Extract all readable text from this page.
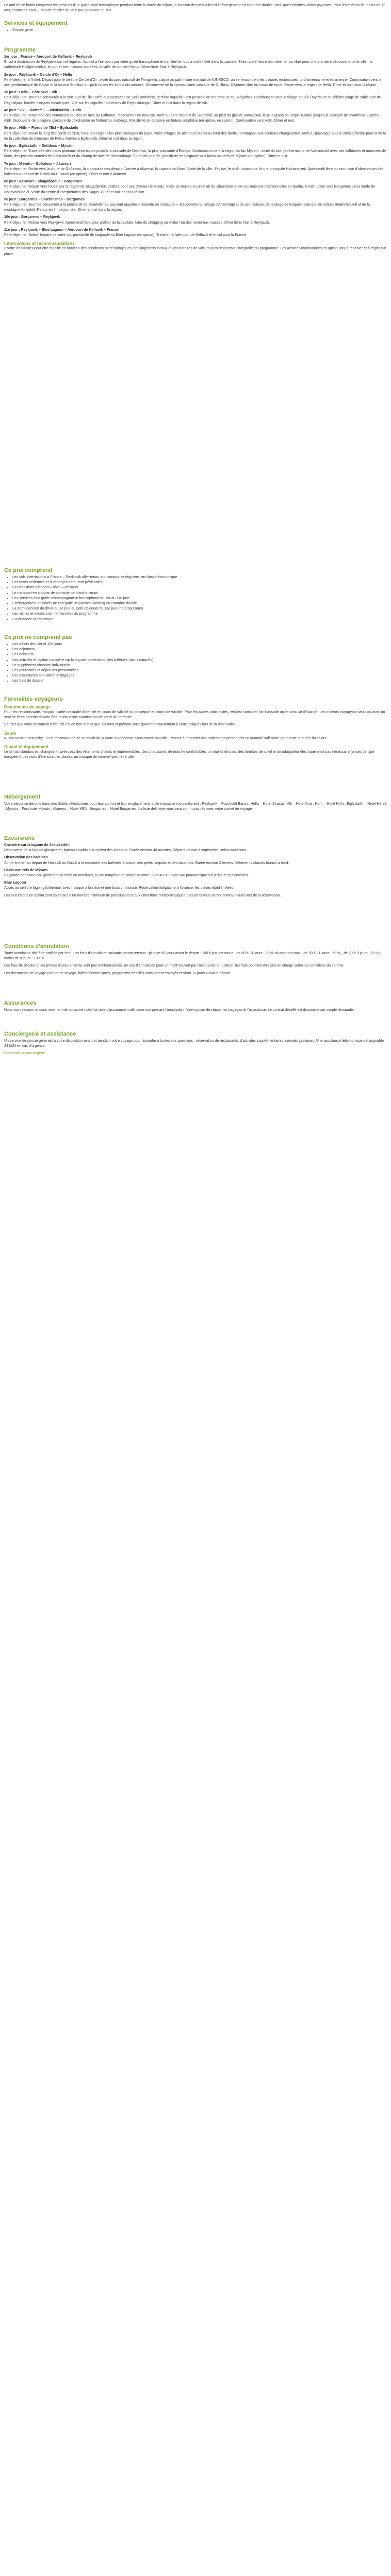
Le tarif de ce forfait comprend les services d'un guide local francophone pendant toute la durée du séjour, la location des véhicules et l'hébergement en chambre double, ainsi que certaines visites payantes. Pour les enfants de moins de 12 ans, contactez-nous. Frais de dossier de 35 € par personne en sus.

Services et équipement
• Conciergerie
Programme
1er jour : France – Aéroport de Keflavik – Reykjavik

Envol à destination de Reykjavik sur vol régulier. Accueil à l'aéroport par votre guide francophone et transfert en bus à votre hôtel dans la capitale. Selon votre heure d'arrivée, temps libre pour une première découverte de la ville : la cathédrale Hallgrímskirkja, le port et ses maisons colorées, la salle de concert Harpa. Dîner libre. Nuit à Reykjavik.

2e jour : Reykjavik – Cercle d'Or – Hella

Petit-déjeuner à l'hôtel. Départ pour le célèbre Cercle d'Or : visite du parc national de Thingvellir, classé au patrimoine mondial de l'UNESCO, où se rencontrent les plaques tectoniques nord-américaine et eurasienne. Continuation vers le site géothermique de Geysir et la source Strokkur qui jaillit toutes les cinq à dix minutes. Découverte de la spectaculaire cascade de Gullfoss. Déjeuner libre en cours de route. Route vers la région de Hella. Dîner et nuit dans la région.

3e jour : Hella – Côte Sud – Vik

Petit-déjeuner. Journée consacrée à la côte sud de l'île : arrêt aux cascades de Seljalandsfoss, derrière laquelle il est possible de marcher, et de Skógafoss. Continuation vers le village de Vík í Mýrdal et sa célèbre plage de sable noir de Reynisfjara, bordée d'orgues basaltiques. Vue sur les aiguilles rocheuses de Reynisdrangar. Dîner et nuit dans la région de Vík.

4e jour : Vik – Skaftafell – Jökulsárlón – Höfn

Petit-déjeuner. Traversée des immenses coulées de lave du Eldhraun, recouvertes de mousse. Arrêt au parc national de Skaftafell, au pied du glacier Vatnajökull, le plus grand d'Europe. Balade jusqu'à la cascade de Svartifoss. L'après-midi, découverte de la lagune glaciaire de Jökulsárlón où flottent les icebergs. Possibilité de croisière en bateau amphibie (en option, en saison). Continuation vers Höfn. Dîner et nuit.

5e jour : Höfn – Fjords de l'Est – Egilsstaðir

Petit-déjeuner. Route le long des fjords de l'Est, l'une des régions les plus sauvages du pays. Petits villages de pêcheurs blottis au fond des fjords, montagnes aux couleurs changeantes. Arrêt à Djúpivogur puis à Stöðvarfjörður pour la visite de la collection de minéraux de Petra. Arrivée à Egilsstaðir. Dîner et nuit dans la région.

6e jour : Egilsstaðir – Dettifoss – Mývatn

Petit-déjeuner. Traversée des hauts plateaux désertiques jusqu'à la cascade de Dettifoss, la plus puissante d'Europe. Continuation vers la région du lac Mývatn : visite du site géothermique de Námaskarð avec ses solfatares et marmites de boue, des pseudo-cratères de Skútustaðir et du champ de lave de Dimmuborgir. En fin de journée, possibilité de baignade aux bains naturels de Mývatn (en option). Dîner et nuit.

7e jour : Mývatn – Goðafoss – Akureyri

Petit-déjeuner. Route vers la chute de Goðafoss, la « cascade des dieux ». Arrivée à Akureyri, la capitale du Nord. Visite de la ville : l'église, le jardin botanique, la rue principale Hafnarstræti. Après-midi libre ou excursion d'observation des baleines au départ de Dalvík ou Húsavík (en option). Dîner et nuit à Akureyri.

8e jour : Akureyri – Skagafjörður – Borgarnes

Petit-déjeuner. Départ vers l'ouest par la région de Skagafjörður, célèbre pour ses chevaux islandais. Visite du musée en plein air de Glaumbær et de ses maisons traditionnelles en tourbe. Continuation vers Borgarnes via la lande de Holtavörðuheiði. Visite du centre d'interprétation des Sagas. Dîner et nuit dans la région.

9e jour : Borgarnes – Snæfellsnes – Borgarnes

Petit-déjeuner. Journée consacrée à la péninsule de Snæfellsnes, souvent appelée « l'Islande en miniature ». Découverte du village d'Arnarstapi et de ses falaises, de la plage de Djúpalónssandur, du volcan Snæfellsjökull et de la montagne Kirkjufell. Retour en fin de journée. Dîner et nuit dans la région.

10e jour : Borgarnes – Reykjavik

Petit-déjeuner. Retour vers Reykjavik. Après-midi libre pour profiter de la capitale, faire du shopping ou visiter l'un des nombreux musées. Dîner libre. Nuit à Reykjavik.

11e jour : Reykjavik – Blue Lagoon – Aéroport de Keflavik – France

Petit-déjeuner. Selon l'horaire de votre vol, possibilité de baignade au Blue Lagoon (en option). Transfert à l'aéroport de Keflavik et envol pour la France.

Informations et recommandations

L'ordre des visites peut être modifié en fonction des conditions météorologiques, des impératifs locaux et des horaires de vols, tout en respectant l'intégralité du programme. Les activités mentionnées en option sont à réserver et à régler sur place.

Ce prix comprend
• Les vols internationaux France – Reykjavik aller-retour sur compagnie régulière, en classe économique
• Les taxes aériennes et surcharges carburant (révisables)
• Les transferts aéroport – hôtel – aéroport
• Le transport en autocar de tourisme pendant le circuit
• Les services d'un guide-accompagnateur francophone du 1er au 11e jour
• L'hébergement en hôtels de catégorie 3* (normes locales) en chambre double
• La demi-pension du dîner du 2e jour au petit-déjeuner du 11e jour (hors boissons)
• Les visites et excursions mentionnées au programme
• L'assistance rapatriement
Ce prix ne comprend pas
• Les dîners des 1er et 10e jours
• Les déjeuners
• Les boissons
• Les activités en option (croisière sur la lagune, observation des baleines, bains naturels)
• Le supplément chambre individuelle
• Les pourboires et dépenses personnelles
• Les assurances annulation et bagages
• Les frais de dossier
Formalités voyageurs
Documents de voyage

Pour les ressortissants français : carte nationale d'identité en cours de validité ou passeport en cours de validité. Pour les autres nationalités, veuillez consulter l'ambassade ou le consulat d'Islande. Les mineurs voyageant seuls ou avec un seul de leurs parents doivent être munis d'une autorisation de sortie du territoire.

Vérifiez que votre document d'identité est en bon état et que les nom et prénom correspondent exactement à ceux indiqués lors de la réservation.

Santé

Aucun vaccin n'est exigé. Il est recommandé de se munir de la carte européenne d'assurance maladie. Pensez à emporter vos traitements personnels en quantité suffisante pour toute la durée du séjour.

Climat et équipement

Le climat islandais est changeant : prévoyez des vêtements chauds et imperméables, des chaussures de marche confortables, un maillot de bain, des lunettes de soleil et un adaptateur électrique n'est pas nécessaire (prises de type européen). Les nuits d'été sont très claires, un masque de sommeil peut être utile.

Hébergement

Votre séjour se déroule dans des hôtels sélectionnés pour leur confort et leur emplacement. Liste indicative (ou similaires) : Reykjavik – Fosshotel Baron ; Hella – Hotel Stracta ; Vík – Hotel Kría ; Höfn – Hotel Höfn ; Egilsstaðir – Hotel Hérað ; Mývatn – Fosshotel Mývatn ; Akureyri – Hotel KEA ; Borgarnes – Hotel Borgarnes. La liste définitive vous sera communiquée avec votre carnet de voyage.

Excursions
Croisière sur la lagune de Jökulsárlón

Découverte de la lagune glaciaire en bateau amphibie au milieu des icebergs. Durée environ 40 minutes. Départs de mai à septembre, selon conditions.

Observation des baleines

Sortie en mer au départ de Húsavík ou Dalvík à la rencontre des baleines à bosse, des petits rorquals et des dauphins. Durée environ 3 heures. Vêtements chauds fournis à bord.

Bains naturels de Mývatn

Baignade dans une eau géothermale riche en minéraux, à une température comprise entre 36 et 40 °C, avec vue panoramique sur le lac et ses environs.

Blue Lagoon

Accès au célèbre lagon géothermal, avec masque à la silice et une boisson incluse. Réservation obligatoire à l'avance, les places étant limitées.

Les excursions en option sont soumises à un nombre minimum de participants et aux conditions météorologiques. Les tarifs vous seront communiqués lors de la réservation.

Conditions d'annulation

Toute annulation doit être notifiée par écrit. Les frais d'annulation suivants seront retenus : plus de 60 jours avant le départ : 150 € par personne ; de 60 à 31 jours : 25 % du montant total ; de 30 à 21 jours : 50 % ; de 20 à 8 jours : 75 % ; moins de 8 jours : 100 %.

Les frais de dossier et les primes d'assurance ne sont pas remboursables. En cas d'annulation pour un motif couvert par l'assurance annulation, les frais pourront être pris en charge selon les conditions du contrat.

Les documents de voyage (carnet de voyage, billets électroniques, programme détaillé) vous seront envoyés environ 10 jours avant le départ.

Assurances

Nous vous recommandons vivement de souscrire notre formule d'assurance multirisque comprenant l'annulation, l'interruption de séjour, les bagages et l'assistance. Le contrat détaillé est disponible sur simple demande.

Conciergerie et assistance

Un service de conciergerie est à votre disposition avant et pendant votre voyage pour répondre à toutes vos questions : réservation de restaurants, d'activités supplémentaires, conseils pratiques. Une assistance téléphonique est joignable 24 h/24 en cas d'urgence.

Contactez la conciergerie
